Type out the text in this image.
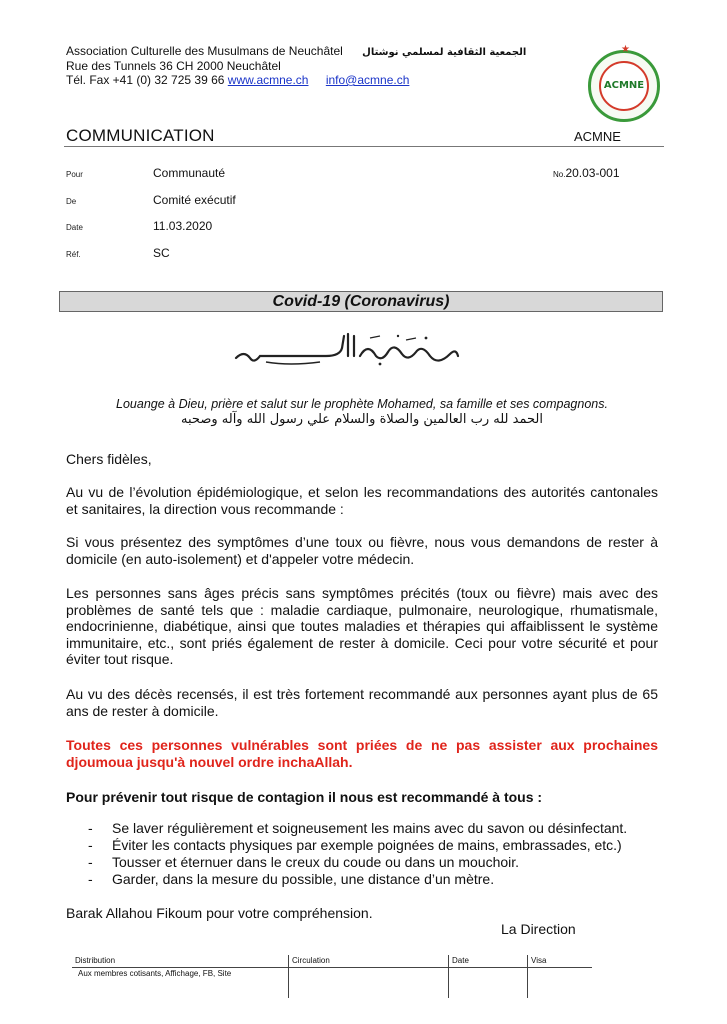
Association Culturelle des Musulmans de Neuchâtel الجمعية الثقافية لمسلمي نوشتال
Rue des Tunnels 36 CH 2000 Neuchâtel
Tél. Fax +41 (0) 32 725 39 66 www.acmne.ch info@acmne.ch
★
ACMNE
COMMUNICATION	ACMNE
Pour	Communauté
De	Comité exécutif
Date	11.03.2020
Réf.	SC
No.20.03-001
Covid-19 (Coronavirus)
Louange à Dieu, prière et salut sur le prophète Mohamed, sa famille et ses compagnons.
الحمد لله رب العالمين والصلاة والسلام علي رسول الله وآله وصحبه
Chers fidèles,
Au vu de l’évolution épidémiologique, et selon les recommandations des autorités cantonales et sanitaires, la direction vous recommande :
Si vous présentez des symptômes d’une toux ou fièvre, nous vous demandons de rester à domicile (en auto-isolement) et d'appeler votre médecin.
Les personnes sans âges précis sans symptômes précités (toux ou fièvre) mais avec des problèmes de santé tels que : maladie cardiaque, pulmonaire, neurologique, rhumatismale, endocrinienne, diabétique, ainsi que toutes maladies et thérapies qui affaiblissent le système immunitaire, etc., sont priés également de rester à domicile. Ceci pour votre sécurité et pour éviter tout risque.
Au vu des décès recensés, il est très fortement recommandé aux personnes ayant plus de 65 ans de rester à domicile.
Toutes ces personnes vulnérables sont priées de ne pas assister aux prochaines djoumoua jusqu'à nouvel ordre inchaAllah.
Pour prévenir tout risque de contagion il nous est recommandé à tous :
- Se laver régulièrement et soigneusement les mains avec du savon ou désinfectant.
- Éviter les contacts physiques par exemple poignées de mains, embrassades, etc.)
- Tousser et éternuer dans le creux du coude ou dans un mouchoir.
- Garder, dans la mesure du possible, une distance d’un mètre.
Barak Allahou Fikoum pour votre compréhension.
La Direction
Distribution	Circulation	Date	Visa
Aux membres cotisants, Affichage, FB, Site			
